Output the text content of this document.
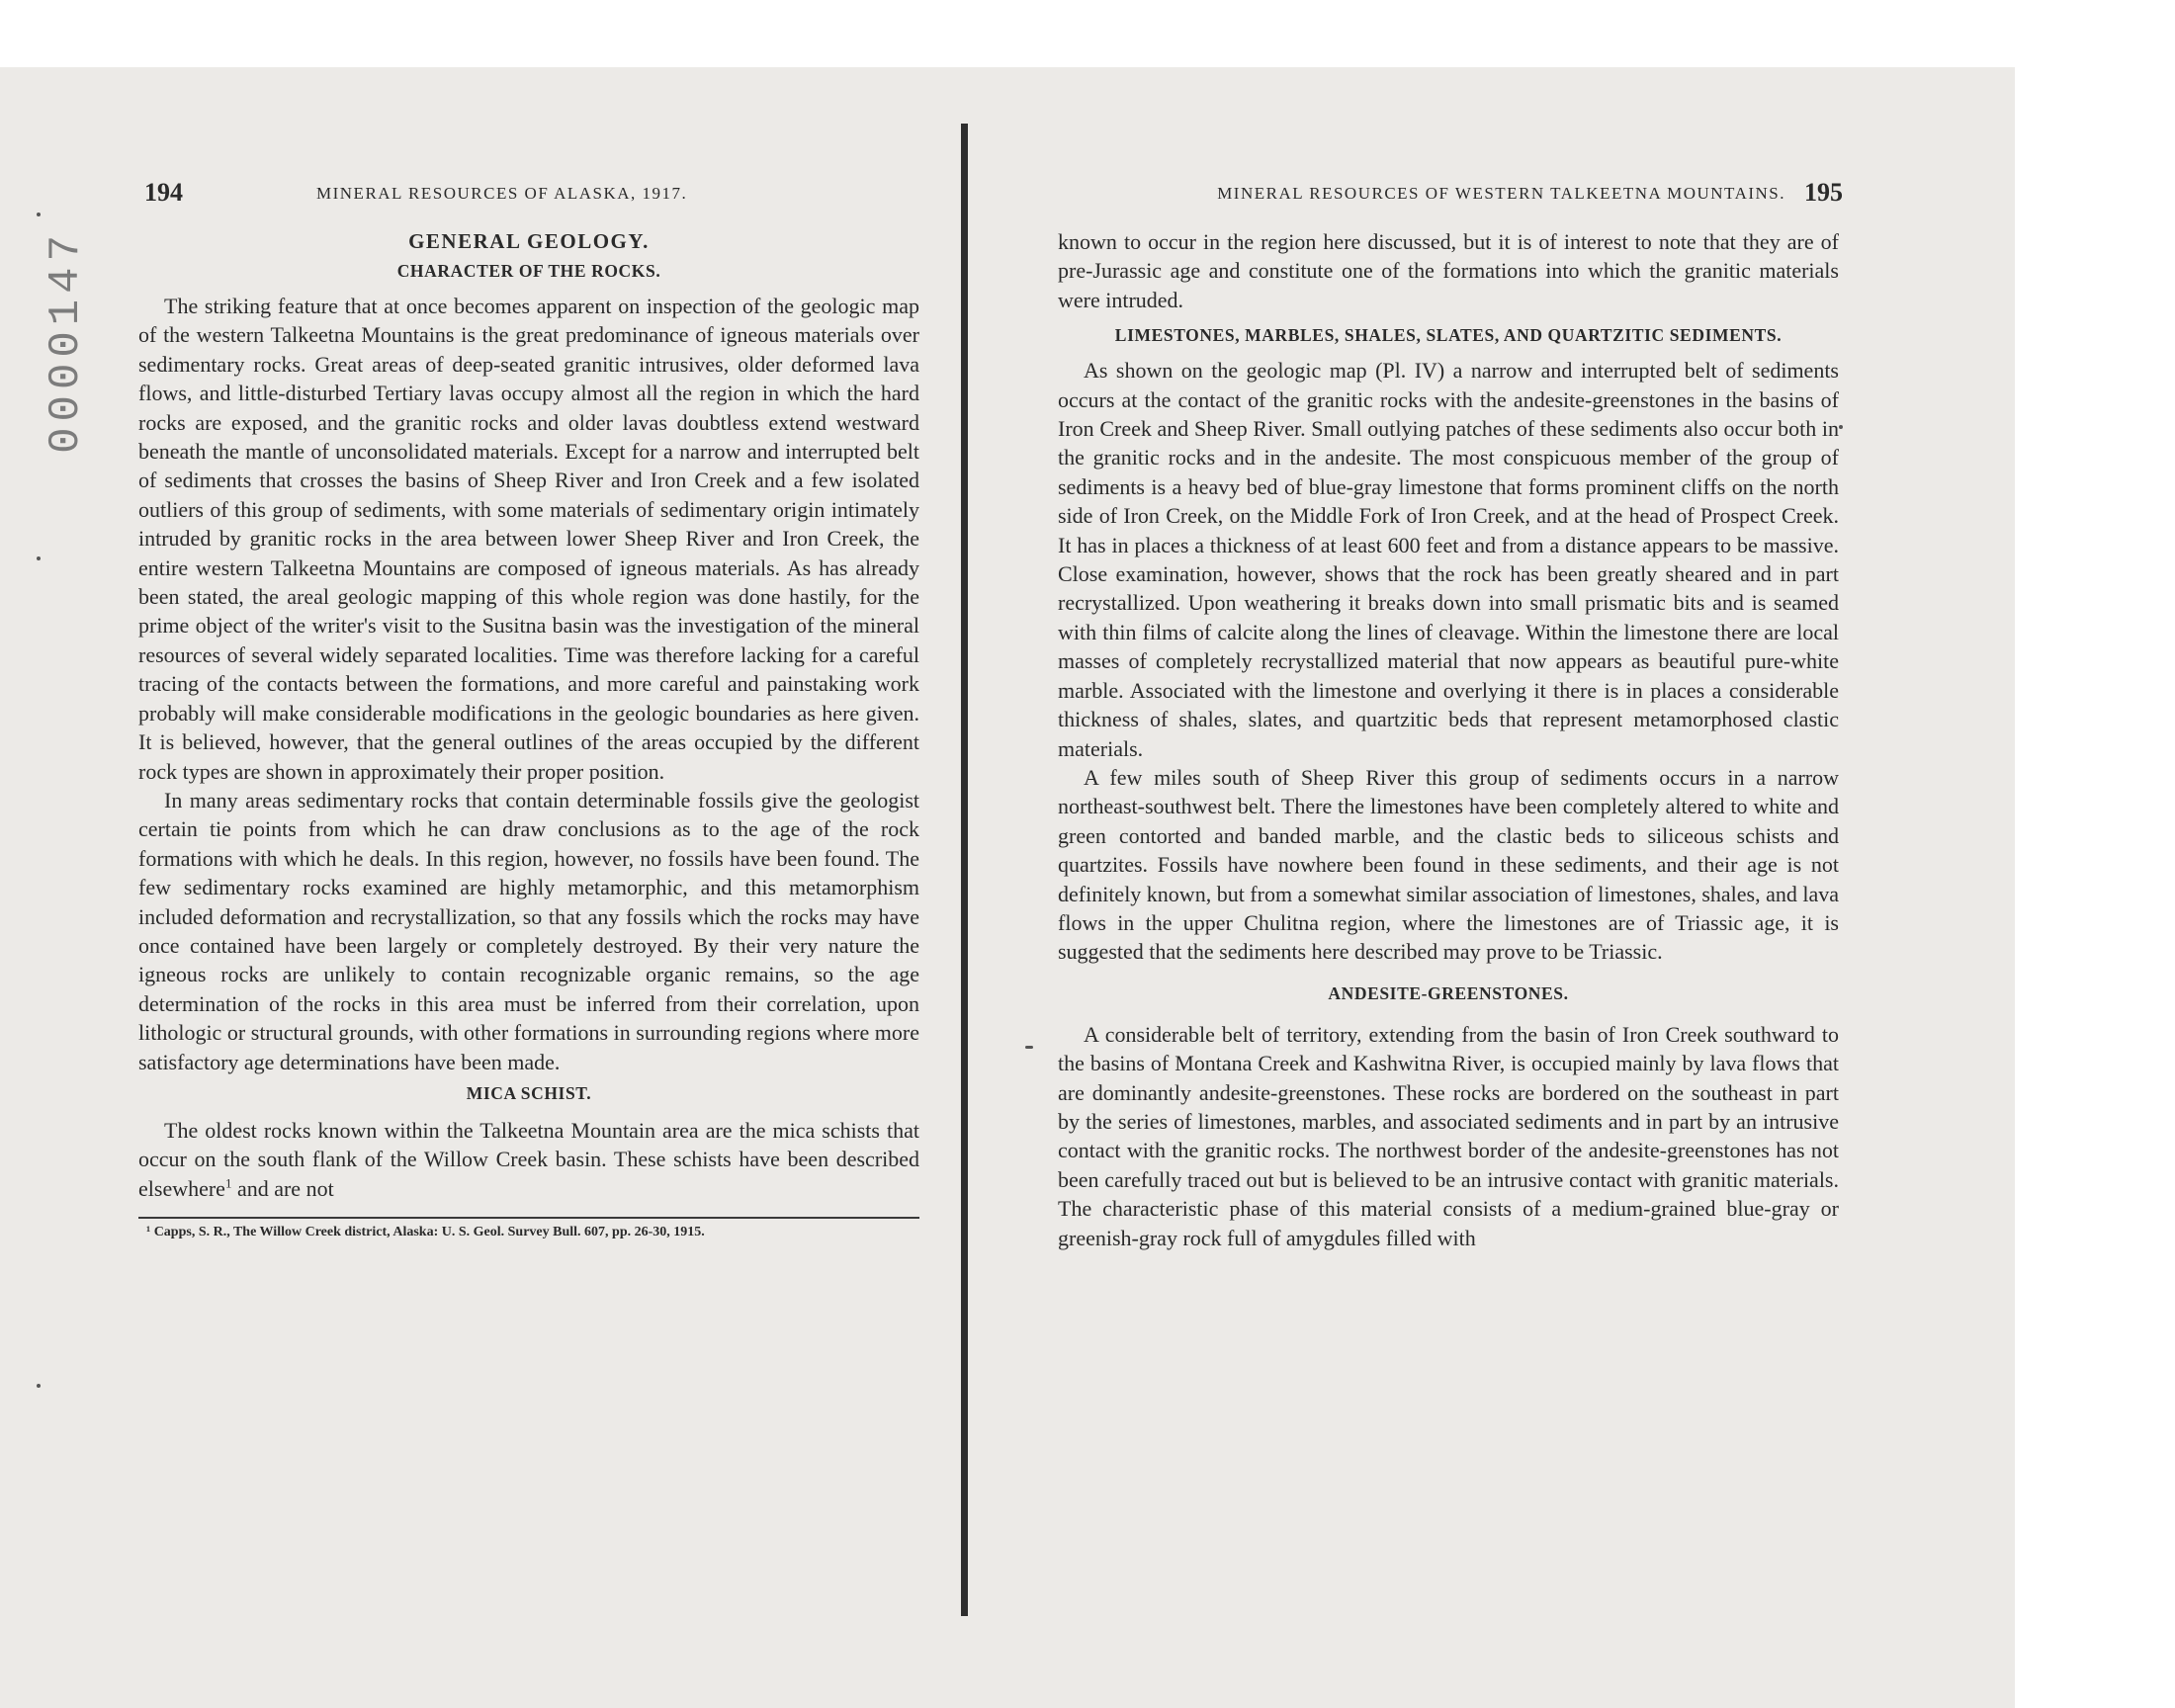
0000147
194	MINERAL RESOURCES OF ALASKA, 1917.
GENERAL GEOLOGY.
CHARACTER OF THE ROCKS.

The striking feature that at once becomes apparent on inspection of the geologic map of the western Talkeetna Mountains is the great predominance of igneous materials over sedimentary rocks. Great areas of deep-seated granitic intrusives, older deformed lava flows, and little-disturbed Tertiary lavas occupy almost all the region in which the hard rocks are exposed, and the granitic rocks and older lavas doubtless extend westward beneath the mantle of unconsolidated materials. Except for a narrow and interrupted belt of sediments that crosses the basins of Sheep River and Iron Creek and a few isolated outliers of this group of sediments, with some materials of sedimentary origin intimately intruded by granitic rocks in the area between lower Sheep River and Iron Creek, the entire western Talkeetna Mountains are composed of igneous materials. As has already been stated, the areal geologic mapping of this whole region was done hastily, for the prime object of the writer's visit to the Susitna basin was the investigation of the mineral resources of several widely separated localities. Time was therefore lacking for a careful tracing of the contacts between the formations, and more careful and painstaking work probably will make considerable modifications in the geologic boundaries as here given. It is believed, however, that the general outlines of the areas occupied by the different rock types are shown in approximately their proper position.

In many areas sedimentary rocks that contain determinable fossils give the geologist certain tie points from which he can draw conclusions as to the age of the rock formations with which he deals. In this region, however, no fossils have been found. The few sedimentary rocks examined are highly metamorphic, and this metamorphism included deformation and recrystallization, so that any fossils which the rocks may have once contained have been largely or completely destroyed. By their very nature the igneous rocks are unlikely to contain recognizable organic remains, so the age determination of the rocks in this area must be inferred from their correlation, upon lithologic or structural grounds, with other formations in surrounding regions where more satisfactory age determinations have been made.

MICA SCHIST.

The oldest rocks known within the Talkeetna Mountain area are the mica schists that occur on the south flank of the Willow Creek basin. These schists have been described elsewhere$^1$ and are not

¹ Capps, S. R., The Willow Creek district, Alaska: U. S. Geol. Survey Bull. 607, pp. 26-30, 1915.
MINERAL RESOURCES OF WESTERN TALKEETNA MOUNTAINS. 195

known to occur in the region here discussed, but it is of interest to note that they are of pre-Jurassic age and constitute one of the formations into which the granitic materials were intruded.

LIMESTONES, MARBLES, SHALES, SLATES, AND QUARTZITIC SEDIMENTS.

As shown on the geologic map (Pl. IV) a narrow and interrupted belt of sediments occurs at the contact of the granitic rocks with the andesite-greenstones in the basins of Iron Creek and Sheep River. Small outlying patches of these sediments also occur both in the granitic rocks and in the andesite. The most conspicuous member of the group of sediments is a heavy bed of blue-gray limestone that forms prominent cliffs on the north side of Iron Creek, on the Middle Fork of Iron Creek, and at the head of Prospect Creek. It has in places a thickness of at least 600 feet and from a distance appears to be massive. Close examination, however, shows that the rock has been greatly sheared and in part recrystallized. Upon weathering it breaks down into small prismatic bits and is seamed with thin films of calcite along the lines of cleavage. Within the limestone there are local masses of completely recrystallized material that now appears as beautiful pure-white marble. Associated with the limestone and overlying it there is in places a considerable thickness of shales, slates, and quartzitic beds that represent metamorphosed clastic materials.

A few miles south of Sheep River this group of sediments occurs in a narrow northeast-southwest belt. There the limestones have been completely altered to white and green contorted and banded marble, and the clastic beds to siliceous schists and quartzites. Fossils have nowhere been found in these sediments, and their age is not definitely known, but from a somewhat similar association of limestones, shales, and lava flows in the upper Chulitna region, where the limestones are of Triassic age, it is suggested that the sediments here described may prove to be Triassic.

ANDESITE-GREENSTONES.

A considerable belt of territory, extending from the basin of Iron Creek southward to the basins of Montana Creek and Kashwitna River, is occupied mainly by lava flows that are dominantly andesite-greenstones. These rocks are bordered on the southeast in part by the series of limestones, marbles, and associated sediments and in part by an intrusive contact with the granitic rocks. The northwest border of the andesite-greenstones has not been carefully traced out but is believed to be an intrusive contact with granitic materials. The characteristic phase of this material consists of a medium-grained blue-gray or greenish-gray rock full of amygdules filled with
